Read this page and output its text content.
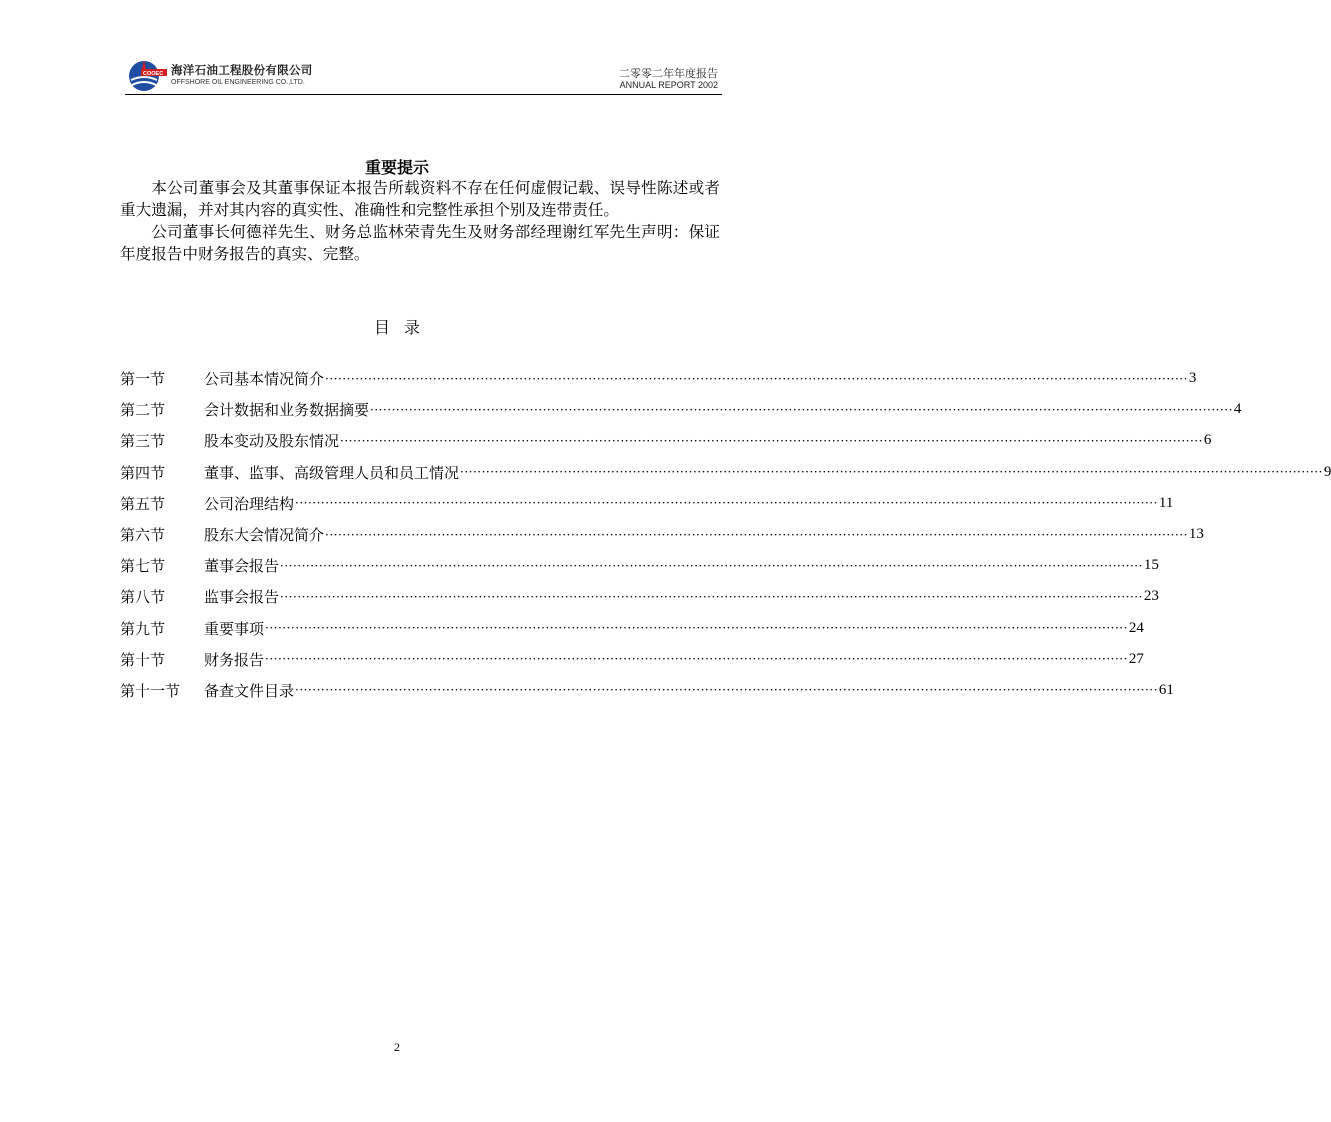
COOEC 海洋石油工程股份有限公司
OFFSHORE OIL ENGINEERING CO.,LTD.
二零零二年年度报告
ANNUAL REPORT 2002
重要提示

本公司董事会及其董事保证本报告所载资料不存在任何虚假记载、误导性陈述或者重大遗漏，并对其内容的真实性、准确性和完整性承担个别及连带责任。

公司董事长何德祥先生、财务总监林荣青先生及财务部经理谢红军先生声明：保证年度报告中财务报告的真实、完整。

目录
第一节	公司基本情况简介 ········································································································································································································ 3
第二节	会计数据和业务数据摘要 ········································································································································································································ 4
第三节	股本变动及股东情况 ········································································································································································································ 6
第四节	董事、监事、高级管理人员和员工情况 ········································································································································································································ 9
第五节	公司治理结构 ········································································································································································································ 11
第六节	股东大会情况简介 ········································································································································································································ 13
第七节	董事会报告 ········································································································································································································ 15
第八节	监事会报告 ········································································································································································································ 23
第九节	重要事项 ········································································································································································································ 24
第十节	财务报告 ········································································································································································································ 27
第十一节	备查文件目录 ········································································································································································································ 61
2
